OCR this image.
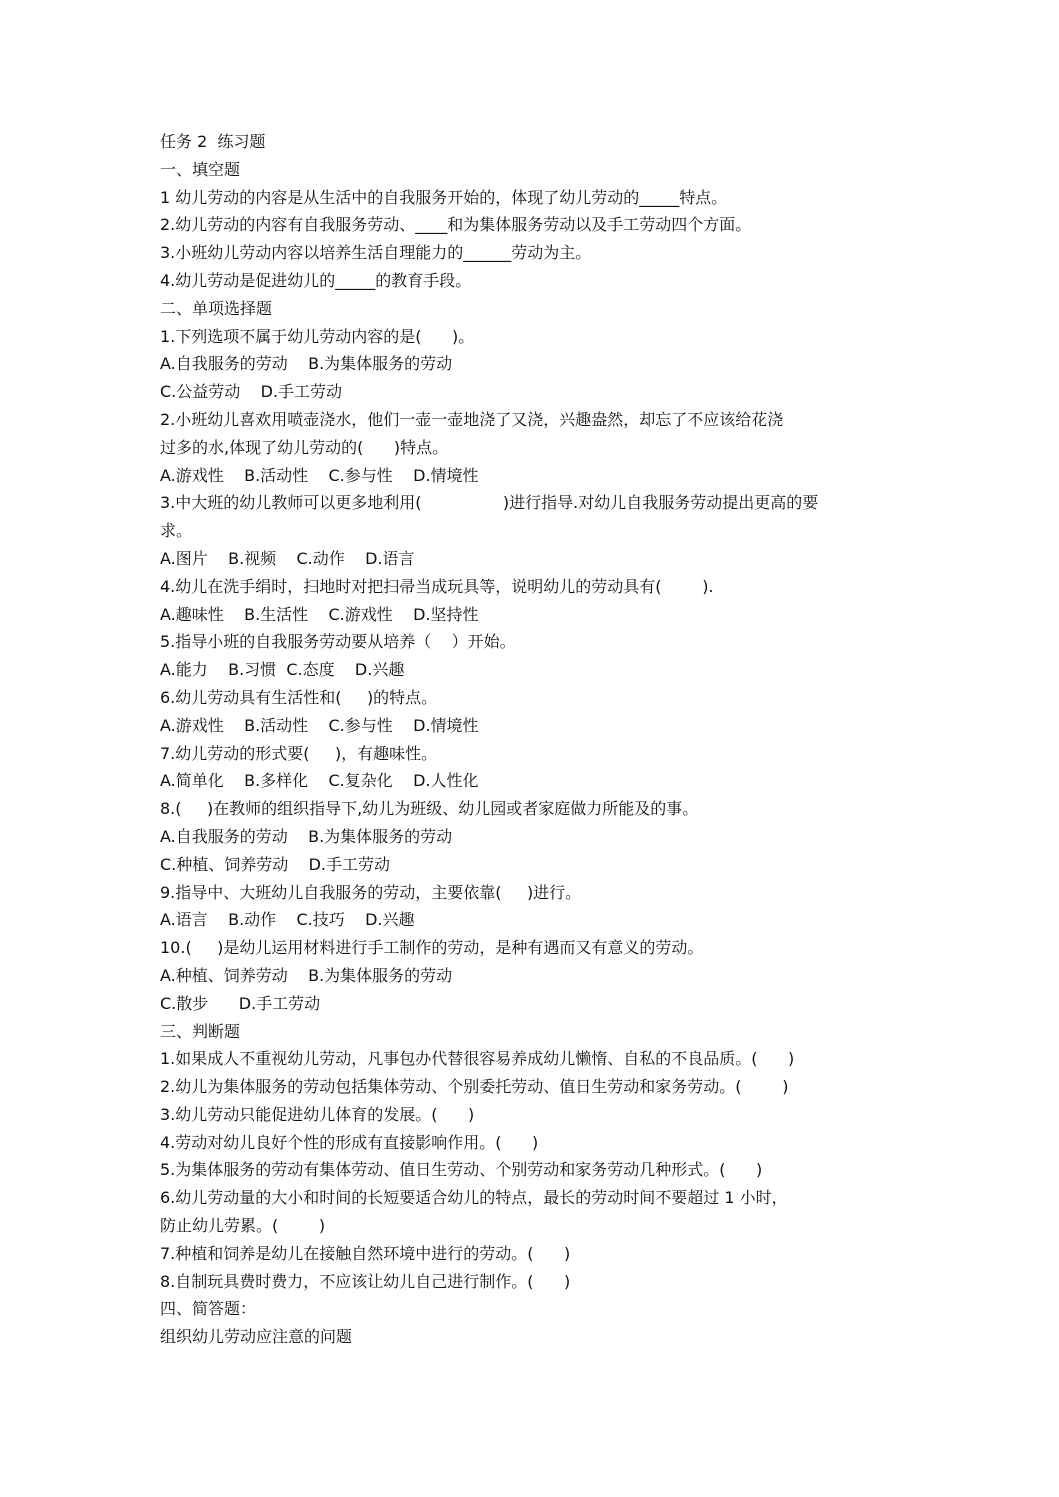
任务 2  练习题
一、填空题
1 幼儿劳动的内容是从生活中的自我服务开始的，体现了幼儿劳动的_____特点。
2.幼儿劳动的内容有自我服务劳动、____和为集体服务劳动以及手工劳动四个方面。
3.小班幼儿劳动内容以培养生活自理能力的______劳动为主。
4.幼儿劳动是促进幼儿的_____的教育手段。
二、单项选择题
1.下列选项不属于幼儿劳动内容的是(      )。
A.自我服务的劳动    B.为集体服务的劳动
C.公益劳动    D.手工劳动
2.小班幼儿喜欢用喷壶浇水，他们一壶一壶地浇了又浇，兴趣盎然，却忘了不应该给花浇
过多的水,体现了幼儿劳动的(      )特点。
A.游戏性    B.活动性    C.参与性    D.情境性
3.中大班的幼儿教师可以更多地利用(                )进行指导.对幼儿自我服务劳动提出更高的要
求。
A.图片    B.视频    C.动作    D.语言
4.幼儿在洗手绢时，扫地时对把扫帚当成玩具等，说明幼儿的劳动具有(        ).
A.趣味性    B.生活性    C.游戏性    D.坚持性
5.指导小班的自我服务劳动要从培养（    ）开始。
A.能力    B.习惯  C.态度    D.兴趣
6.幼儿劳动具有生活性和(     )的特点。
A.游戏性    B.活动性    C.参与性    D.情境性
7.幼儿劳动的形式要(     )，有趣味性。
A.简单化    B.多样化    C.复杂化    D.人性化
8.(     )在教师的组织指导下,幼儿为班级、幼儿园或者家庭做力所能及的事。
A.自我服务的劳动    B.为集体服务的劳动
C.种植、饲养劳动    D.手工劳动
9.指导中、大班幼儿自我服务的劳动，主要依靠(     )进行。
A.语言    B.动作    C.技巧    D.兴趣
10.(     )是幼儿运用材料进行手工制作的劳动，是种有遇而又有意义的劳动。
A.种植、饲养劳动    B.为集体服务的劳动
C.散步      D.手工劳动
三、判断题
1.如果成人不重视幼儿劳动，凡事包办代替很容易养成幼儿懒惰、自私的不良品质。(      )
2.幼儿为集体服务的劳动包括集体劳动、个别委托劳动、值日生劳动和家务劳动。(        )
3.幼儿劳动只能促进幼儿体育的发展。(      )
4.劳动对幼儿良好个性的形成有直接影响作用。(      )
5.为集体服务的劳动有集体劳动、值日生劳动、个别劳动和家务劳动几种形式。(      )
6.幼儿劳动量的大小和时间的长短要适合幼儿的特点，最长的劳动时间不要超过 1 小时，
防止幼儿劳累。(        )
7.种植和饲养是幼儿在接触自然环境中进行的劳动。(      )
8.自制玩具费时费力，不应该让幼儿自己进行制作。(      )
四、简答题：
组织幼儿劳动应注意的问题
